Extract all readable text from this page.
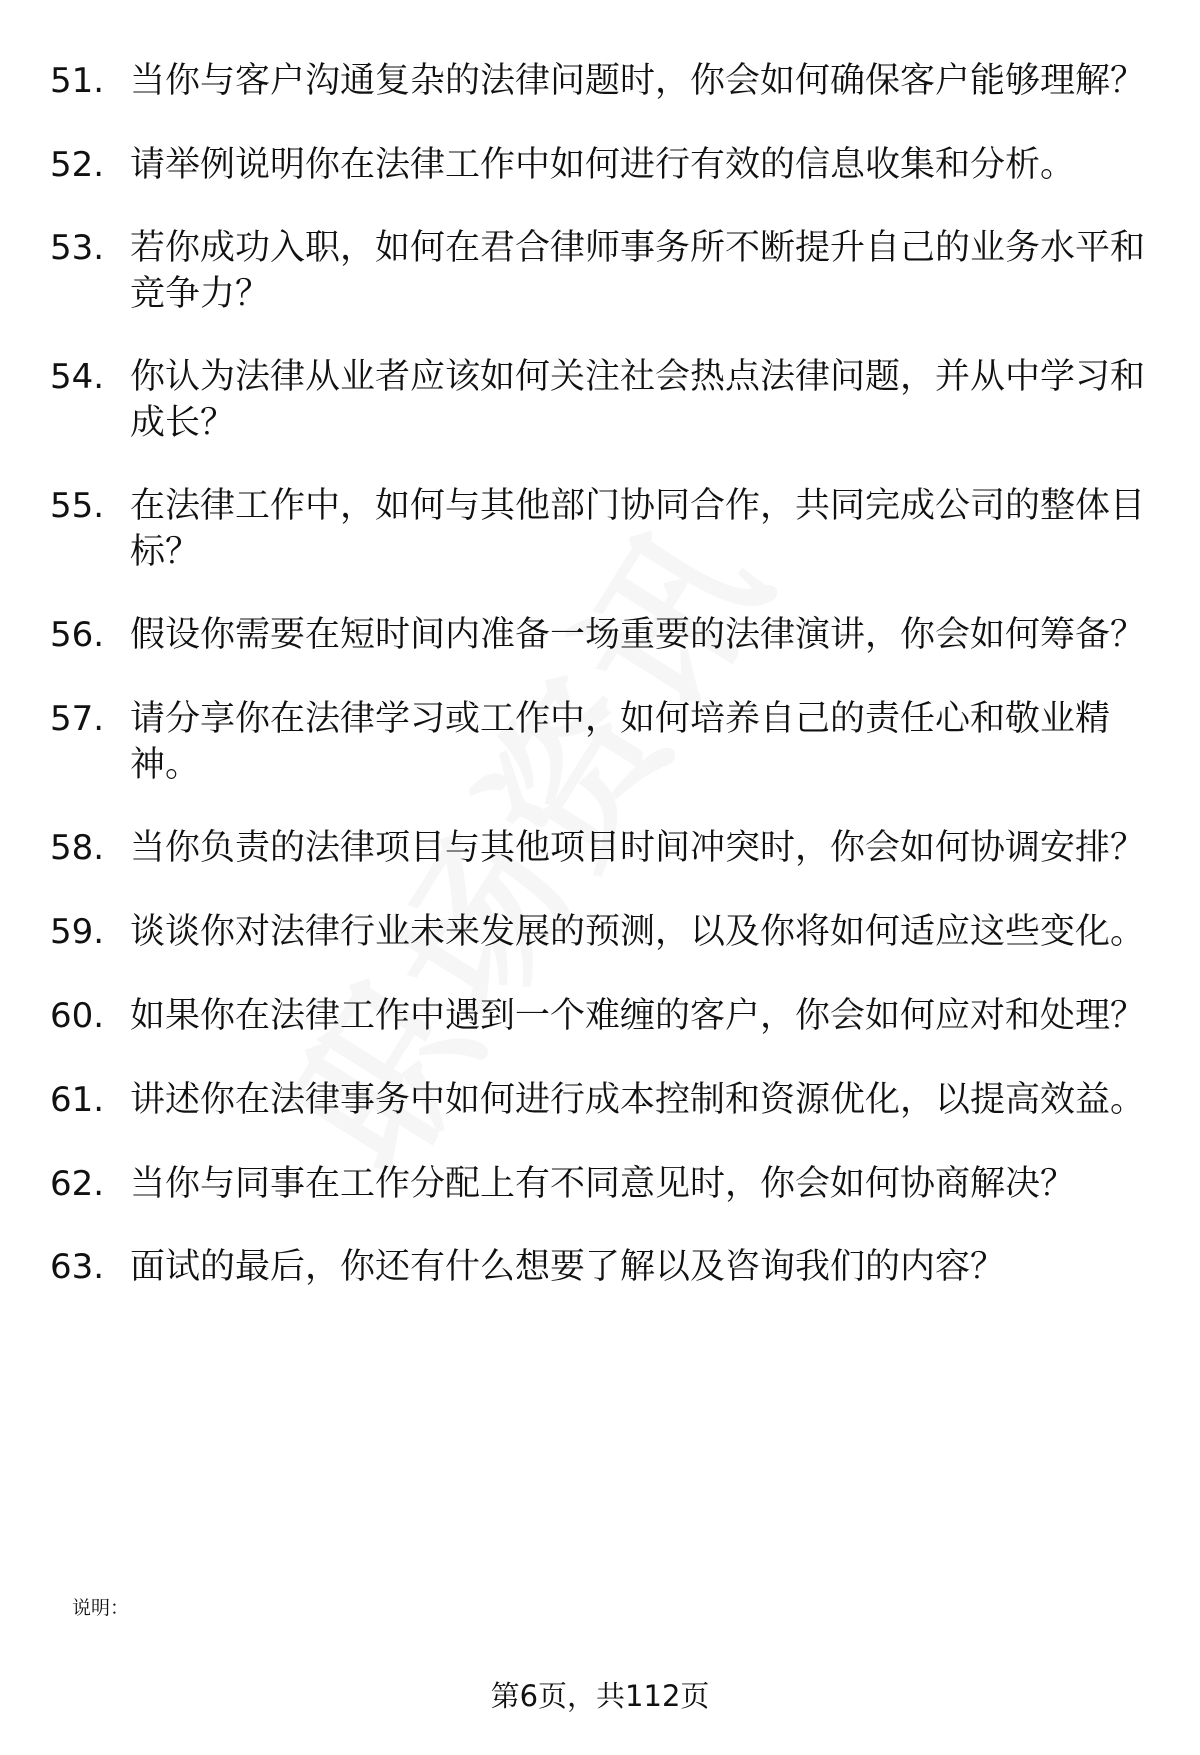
51. 当你与客户沟通复杂的法律问题时，你会如何确保客户能够理解？
52. 请举例说明你在法律工作中如何进行有效的信息收集和分析。
53. 若你成功入职，如何在君合律师事务所不断提升自己的业务水平和竞争力？
54. 你认为法律从业者应该如何关注社会热点法律问题，并从中学习和成长？
55. 在法律工作中，如何与其他部门协同合作，共同完成公司的整体目标？
56. 假设你需要在短时间内准备一场重要的法律演讲，你会如何筹备？
57. 请分享你在法律学习或工作中，如何培养自己的责任心和敬业精神。
58. 当你负责的法律项目与其他项目时间冲突时，你会如何协调安排？
59. 谈谈你对法律行业未来发展的预测，以及你将如何适应这些变化。
60. 如果你在法律工作中遇到一个难缠的客户，你会如何应对和处理？
61. 讲述你在法律事务中如何进行成本控制和资源优化，以提高效益。
62. 当你与同事在工作分配上有不同意见时，你会如何协商解决？
63. 面试的最后，你还有什么想要了解以及咨询我们的内容？
说明：
第6页，共112页
